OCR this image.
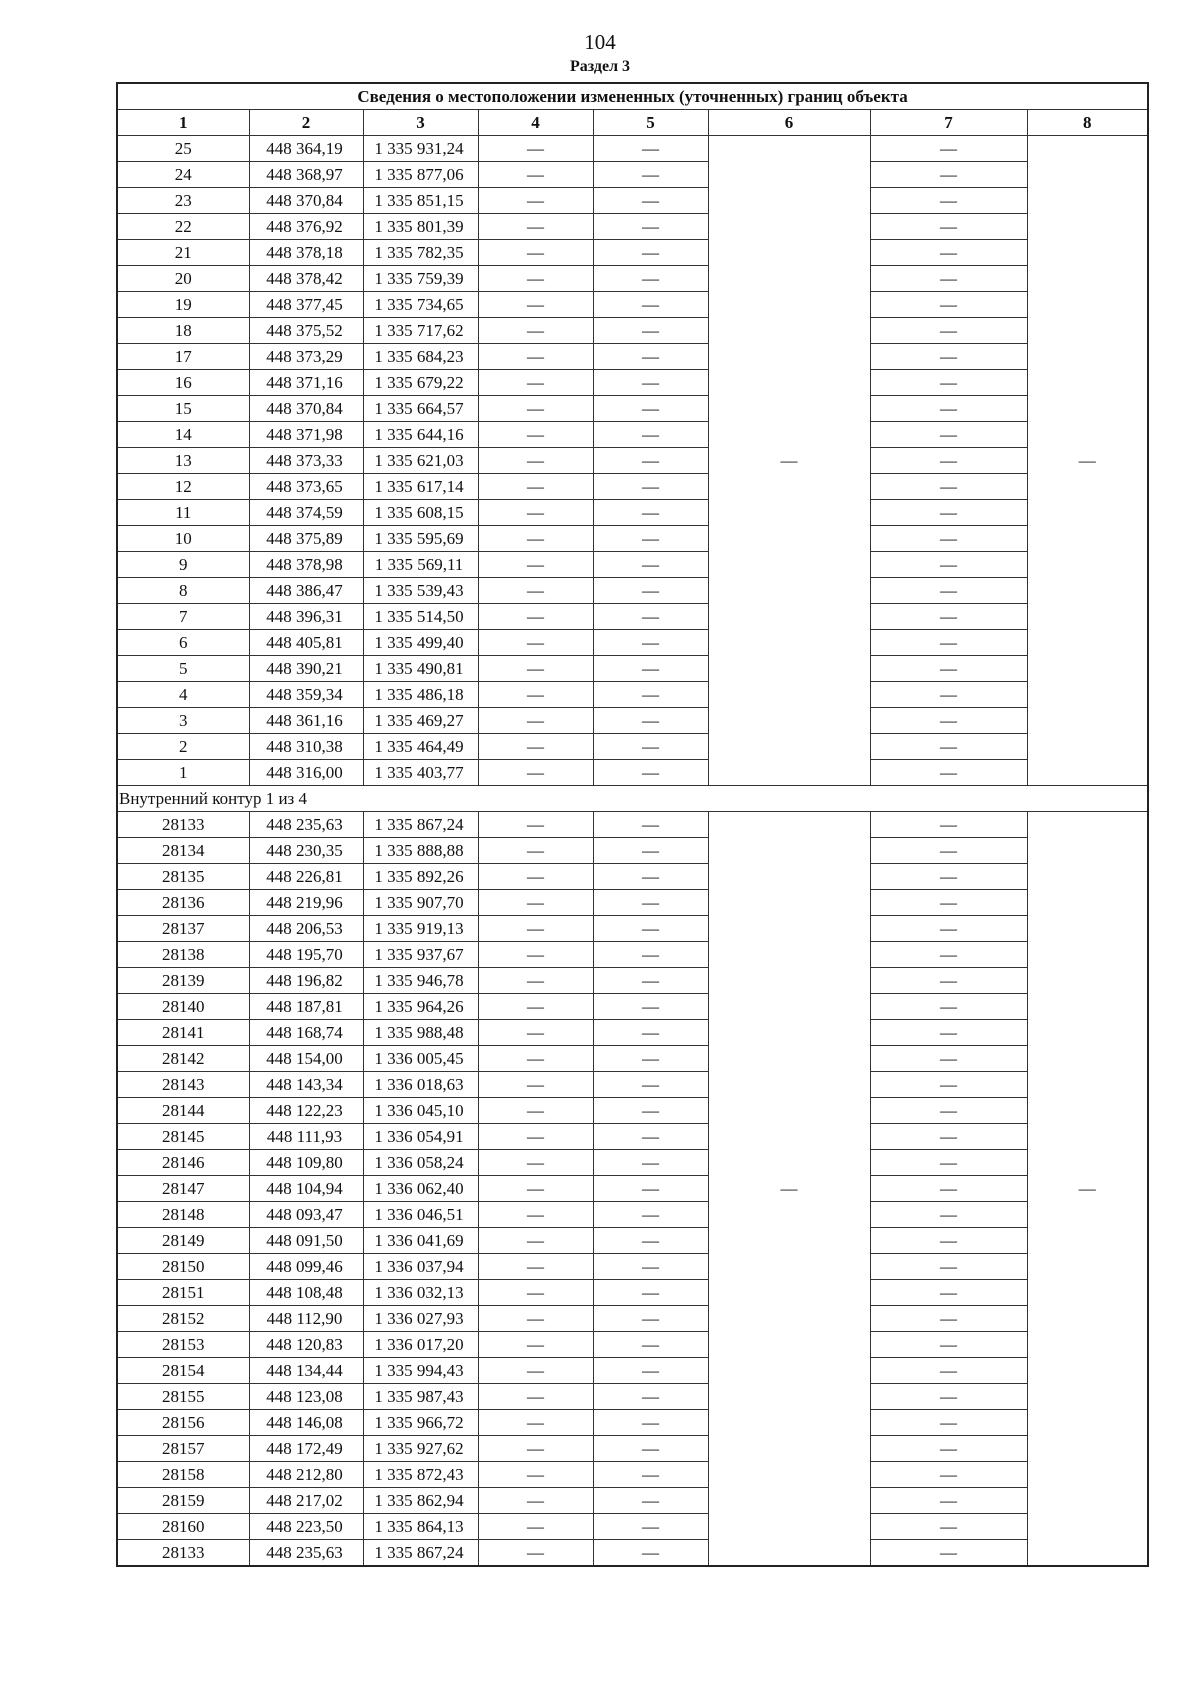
104
Раздел 3
Сведения о местоположении измененных (уточненных) границ объекта							
1	2	3	4	5	6	7	8
25	448 364,19	1 335 931,24	—	—	—	—	—
24	448 368,97	1 335 877,06	—	—		—	
23	448 370,84	1 335 851,15	—	—		—	
22	448 376,92	1 335 801,39	—	—		—	
21	448 378,18	1 335 782,35	—	—		—	
20	448 378,42	1 335 759,39	—	—		—	
19	448 377,45	1 335 734,65	—	—		—	
18	448 375,52	1 335 717,62	—	—		—	
17	448 373,29	1 335 684,23	—	—		—	
16	448 371,16	1 335 679,22	—	—		—	
15	448 370,84	1 335 664,57	—	—		—	
14	448 371,98	1 335 644,16	—	—		—	
13	448 373,33	1 335 621,03	—	—		—	
12	448 373,65	1 335 617,14	—	—		—	
11	448 374,59	1 335 608,15	—	—		—	
10	448 375,89	1 335 595,69	—	—		—	
9	448 378,98	1 335 569,11	—	—		—	
8	448 386,47	1 335 539,43	—	—		—	
7	448 396,31	1 335 514,50	—	—		—	
6	448 405,81	1 335 499,40	—	—		—	
5	448 390,21	1 335 490,81	—	—		—	
4	448 359,34	1 335 486,18	—	—		—	
3	448 361,16	1 335 469,27	—	—		—	
2	448 310,38	1 335 464,49	—	—		—	
1	448 316,00	1 335 403,77	—	—		—	
Внутренний контур 1 из 4							
28133	448 235,63	1 335 867,24	—	—	—	—	—
28134	448 230,35	1 335 888,88	—	—		—	
28135	448 226,81	1 335 892,26	—	—		—	
28136	448 219,96	1 335 907,70	—	—		—	
28137	448 206,53	1 335 919,13	—	—		—	
28138	448 195,70	1 335 937,67	—	—		—	
28139	448 196,82	1 335 946,78	—	—		—	
28140	448 187,81	1 335 964,26	—	—		—	
28141	448 168,74	1 335 988,48	—	—		—	
28142	448 154,00	1 336 005,45	—	—		—	
28143	448 143,34	1 336 018,63	—	—		—	
28144	448 122,23	1 336 045,10	—	—		—	
28145	448 111,93	1 336 054,91	—	—		—	
28146	448 109,80	1 336 058,24	—	—		—	
28147	448 104,94	1 336 062,40	—	—		—	
28148	448 093,47	1 336 046,51	—	—		—	
28149	448 091,50	1 336 041,69	—	—		—	
28150	448 099,46	1 336 037,94	—	—		—	
28151	448 108,48	1 336 032,13	—	—		—	
28152	448 112,90	1 336 027,93	—	—		—	
28153	448 120,83	1 336 017,20	—	—		—	
28154	448 134,44	1 335 994,43	—	—		—	
28155	448 123,08	1 335 987,43	—	—		—	
28156	448 146,08	1 335 966,72	—	—		—	
28157	448 172,49	1 335 927,62	—	—		—	
28158	448 212,80	1 335 872,43	—	—		—	
28159	448 217,02	1 335 862,94	—	—		—	
28160	448 223,50	1 335 864,13	—	—		—	
28133	448 235,63	1 335 867,24	—	—		—	
